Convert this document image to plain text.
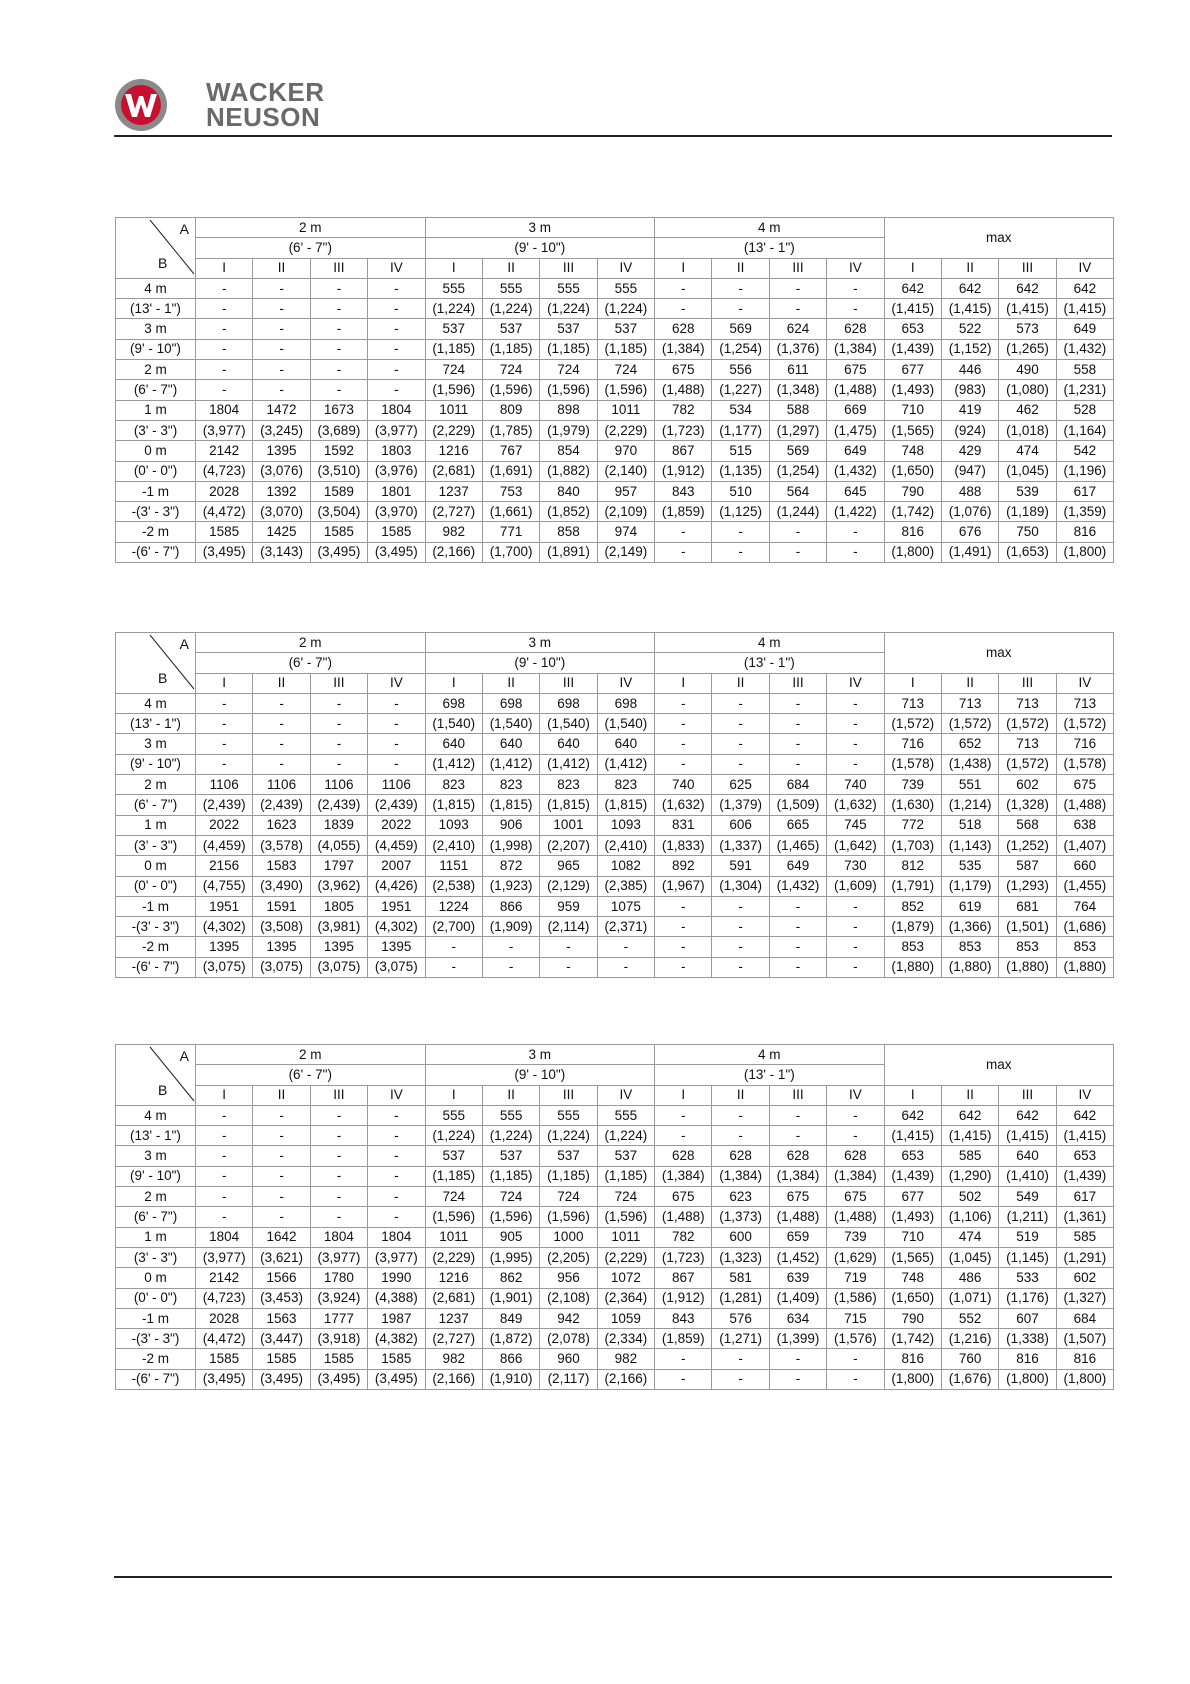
WACKER
NEUSON
A
B	2 m				3 m				4 m				max			
	(6' - 7")				(9' - 10")				(13' - 1")							
	I	II	III	IV	I	II	III	IV	I	II	III	IV	I	II	III	IV
4 m	-	-	-	-	555	555	555	555	-	-	-	-	642	642	642	642
(13' - 1")	-	-	-	-	(1,224)	(1,224)	(1,224)	(1,224)	-	-	-	-	(1,415)	(1,415)	(1,415)	(1,415)
3 m	-	-	-	-	537	537	537	537	628	569	624	628	653	522	573	649
(9' - 10")	-	-	-	-	(1,185)	(1,185)	(1,185)	(1,185)	(1,384)	(1,254)	(1,376)	(1,384)	(1,439)	(1,152)	(1,265)	(1,432)
2 m	-	-	-	-	724	724	724	724	675	556	611	675	677	446	490	558
(6' - 7")	-	-	-	-	(1,596)	(1,596)	(1,596)	(1,596)	(1,488)	(1,227)	(1,348)	(1,488)	(1,493)	(983)	(1,080)	(1,231)
1 m	1804	1472	1673	1804	1011	809	898	1011	782	534	588	669	710	419	462	528
(3' - 3")	(3,977)	(3,245)	(3,689)	(3,977)	(2,229)	(1,785)	(1,979)	(2,229)	(1,723)	(1,177)	(1,297)	(1,475)	(1,565)	(924)	(1,018)	(1,164)
0 m	2142	1395	1592	1803	1216	767	854	970	867	515	569	649	748	429	474	542
(0' - 0")	(4,723)	(3,076)	(3,510)	(3,976)	(2,681)	(1,691)	(1,882)	(2,140)	(1,912)	(1,135)	(1,254)	(1,432)	(1,650)	(947)	(1,045)	(1,196)
-1 m	2028	1392	1589	1801	1237	753	840	957	843	510	564	645	790	488	539	617
-(3' - 3")	(4,472)	(3,070)	(3,504)	(3,970)	(2,727)	(1,661)	(1,852)	(2,109)	(1,859)	(1,125)	(1,244)	(1,422)	(1,742)	(1,076)	(1,189)	(1,359)
-2 m	1585	1425	1585	1585	982	771	858	974	-	-	-	-	816	676	750	816
-(6' - 7")	(3,495)	(3,143)	(3,495)	(3,495)	(2,166)	(1,700)	(1,891)	(2,149)	-	-	-	-	(1,800)	(1,491)	(1,653)	(1,800)
A
B	2 m				3 m				4 m				max			
	(6' - 7")				(9' - 10")				(13' - 1")							
	I	II	III	IV	I	II	III	IV	I	II	III	IV	I	II	III	IV
4 m	-	-	-	-	698	698	698	698	-	-	-	-	713	713	713	713
(13' - 1")	-	-	-	-	(1,540)	(1,540)	(1,540)	(1,540)	-	-	-	-	(1,572)	(1,572)	(1,572)	(1,572)
3 m	-	-	-	-	640	640	640	640	-	-	-	-	716	652	713	716
(9' - 10")	-	-	-	-	(1,412)	(1,412)	(1,412)	(1,412)	-	-	-	-	(1,578)	(1,438)	(1,572)	(1,578)
2 m	1106	1106	1106	1106	823	823	823	823	740	625	684	740	739	551	602	675
(6' - 7")	(2,439)	(2,439)	(2,439)	(2,439)	(1,815)	(1,815)	(1,815)	(1,815)	(1,632)	(1,379)	(1,509)	(1,632)	(1,630)	(1,214)	(1,328)	(1,488)
1 m	2022	1623	1839	2022	1093	906	1001	1093	831	606	665	745	772	518	568	638
(3' - 3")	(4,459)	(3,578)	(4,055)	(4,459)	(2,410)	(1,998)	(2,207)	(2,410)	(1,833)	(1,337)	(1,465)	(1,642)	(1,703)	(1,143)	(1,252)	(1,407)
0 m	2156	1583	1797	2007	1151	872	965	1082	892	591	649	730	812	535	587	660
(0' - 0")	(4,755)	(3,490)	(3,962)	(4,426)	(2,538)	(1,923)	(2,129)	(2,385)	(1,967)	(1,304)	(1,432)	(1,609)	(1,791)	(1,179)	(1,293)	(1,455)
-1 m	1951	1591	1805	1951	1224	866	959	1075	-	-	-	-	852	619	681	764
-(3' - 3")	(4,302)	(3,508)	(3,981)	(4,302)	(2,700)	(1,909)	(2,114)	(2,371)	-	-	-	-	(1,879)	(1,366)	(1,501)	(1,686)
-2 m	1395	1395	1395	1395	-	-	-	-	-	-	-	-	853	853	853	853
-(6' - 7")	(3,075)	(3,075)	(3,075)	(3,075)	-	-	-	-	-	-	-	-	(1,880)	(1,880)	(1,880)	(1,880)
A
B	2 m				3 m				4 m				max			
	(6' - 7")				(9' - 10")				(13' - 1")							
	I	II	III	IV	I	II	III	IV	I	II	III	IV	I	II	III	IV
4 m	-	-	-	-	555	555	555	555	-	-	-	-	642	642	642	642
(13' - 1")	-	-	-	-	(1,224)	(1,224)	(1,224)	(1,224)	-	-	-	-	(1,415)	(1,415)	(1,415)	(1,415)
3 m	-	-	-	-	537	537	537	537	628	628	628	628	653	585	640	653
(9' - 10")	-	-	-	-	(1,185)	(1,185)	(1,185)	(1,185)	(1,384)	(1,384)	(1,384)	(1,384)	(1,439)	(1,290)	(1,410)	(1,439)
2 m	-	-	-	-	724	724	724	724	675	623	675	675	677	502	549	617
(6' - 7")	-	-	-	-	(1,596)	(1,596)	(1,596)	(1,596)	(1,488)	(1,373)	(1,488)	(1,488)	(1,493)	(1,106)	(1,211)	(1,361)
1 m	1804	1642	1804	1804	1011	905	1000	1011	782	600	659	739	710	474	519	585
(3' - 3")	(3,977)	(3,621)	(3,977)	(3,977)	(2,229)	(1,995)	(2,205)	(2,229)	(1,723)	(1,323)	(1,452)	(1,629)	(1,565)	(1,045)	(1,145)	(1,291)
0 m	2142	1566	1780	1990	1216	862	956	1072	867	581	639	719	748	486	533	602
(0' - 0")	(4,723)	(3,453)	(3,924)	(4,388)	(2,681)	(1,901)	(2,108)	(2,364)	(1,912)	(1,281)	(1,409)	(1,586)	(1,650)	(1,071)	(1,176)	(1,327)
-1 m	2028	1563	1777	1987	1237	849	942	1059	843	576	634	715	790	552	607	684
-(3' - 3")	(4,472)	(3,447)	(3,918)	(4,382)	(2,727)	(1,872)	(2,078)	(2,334)	(1,859)	(1,271)	(1,399)	(1,576)	(1,742)	(1,216)	(1,338)	(1,507)
-2 m	1585	1585	1585	1585	982	866	960	982	-	-	-	-	816	760	816	816
-(6' - 7")	(3,495)	(3,495)	(3,495)	(3,495)	(2,166)	(1,910)	(2,117)	(2,166)	-	-	-	-	(1,800)	(1,676)	(1,800)	(1,800)
